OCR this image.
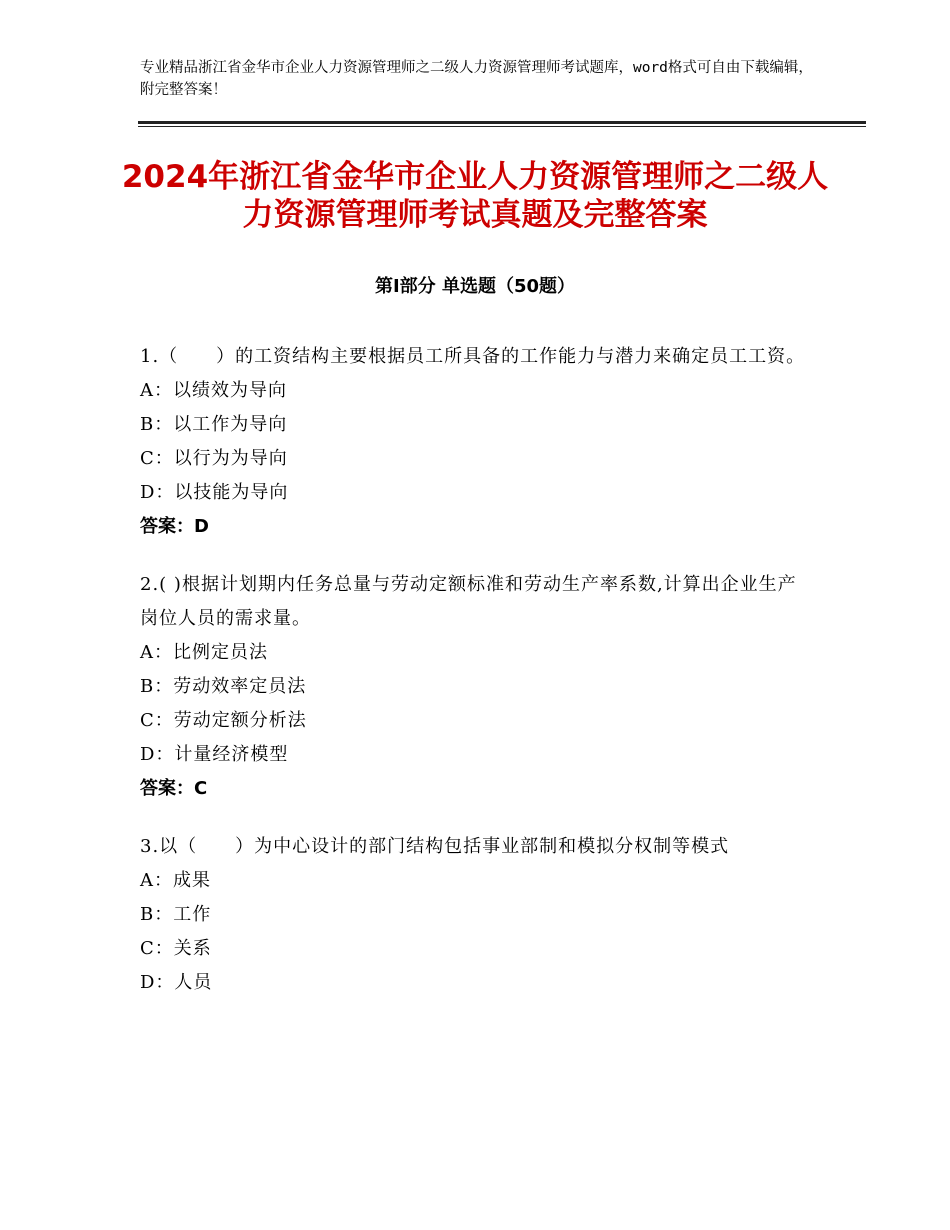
专业精品浙江省金华市企业人力资源管理师之二级人力资源管理师考试题库，word格式可自由下载编辑，附完整答案！
2024年浙江省金华市企业人力资源管理师之二级人力资源管理师考试真题及完整答案
第Ⅰ部分 单选题（50题）
1.（　　）的工资结构主要根据员工所具备的工作能力与潜力来确定员工工资。
A：以绩效为导向
B：以工作为导向
C：以行为为导向
D：以技能为导向
答案：D
2.( )根据计划期内任务总量与劳动定额标准和劳动生产率系数,计算出企业生产岗位人员的需求量。
A：比例定员法
B：劳动效率定员法
C：劳动定额分析法
D：计量经济模型
答案：C
3.以（　　）为中心设计的部门结构包括事业部制和模拟分权制等模式
A：成果
B：工作
C：关系
D：人员
